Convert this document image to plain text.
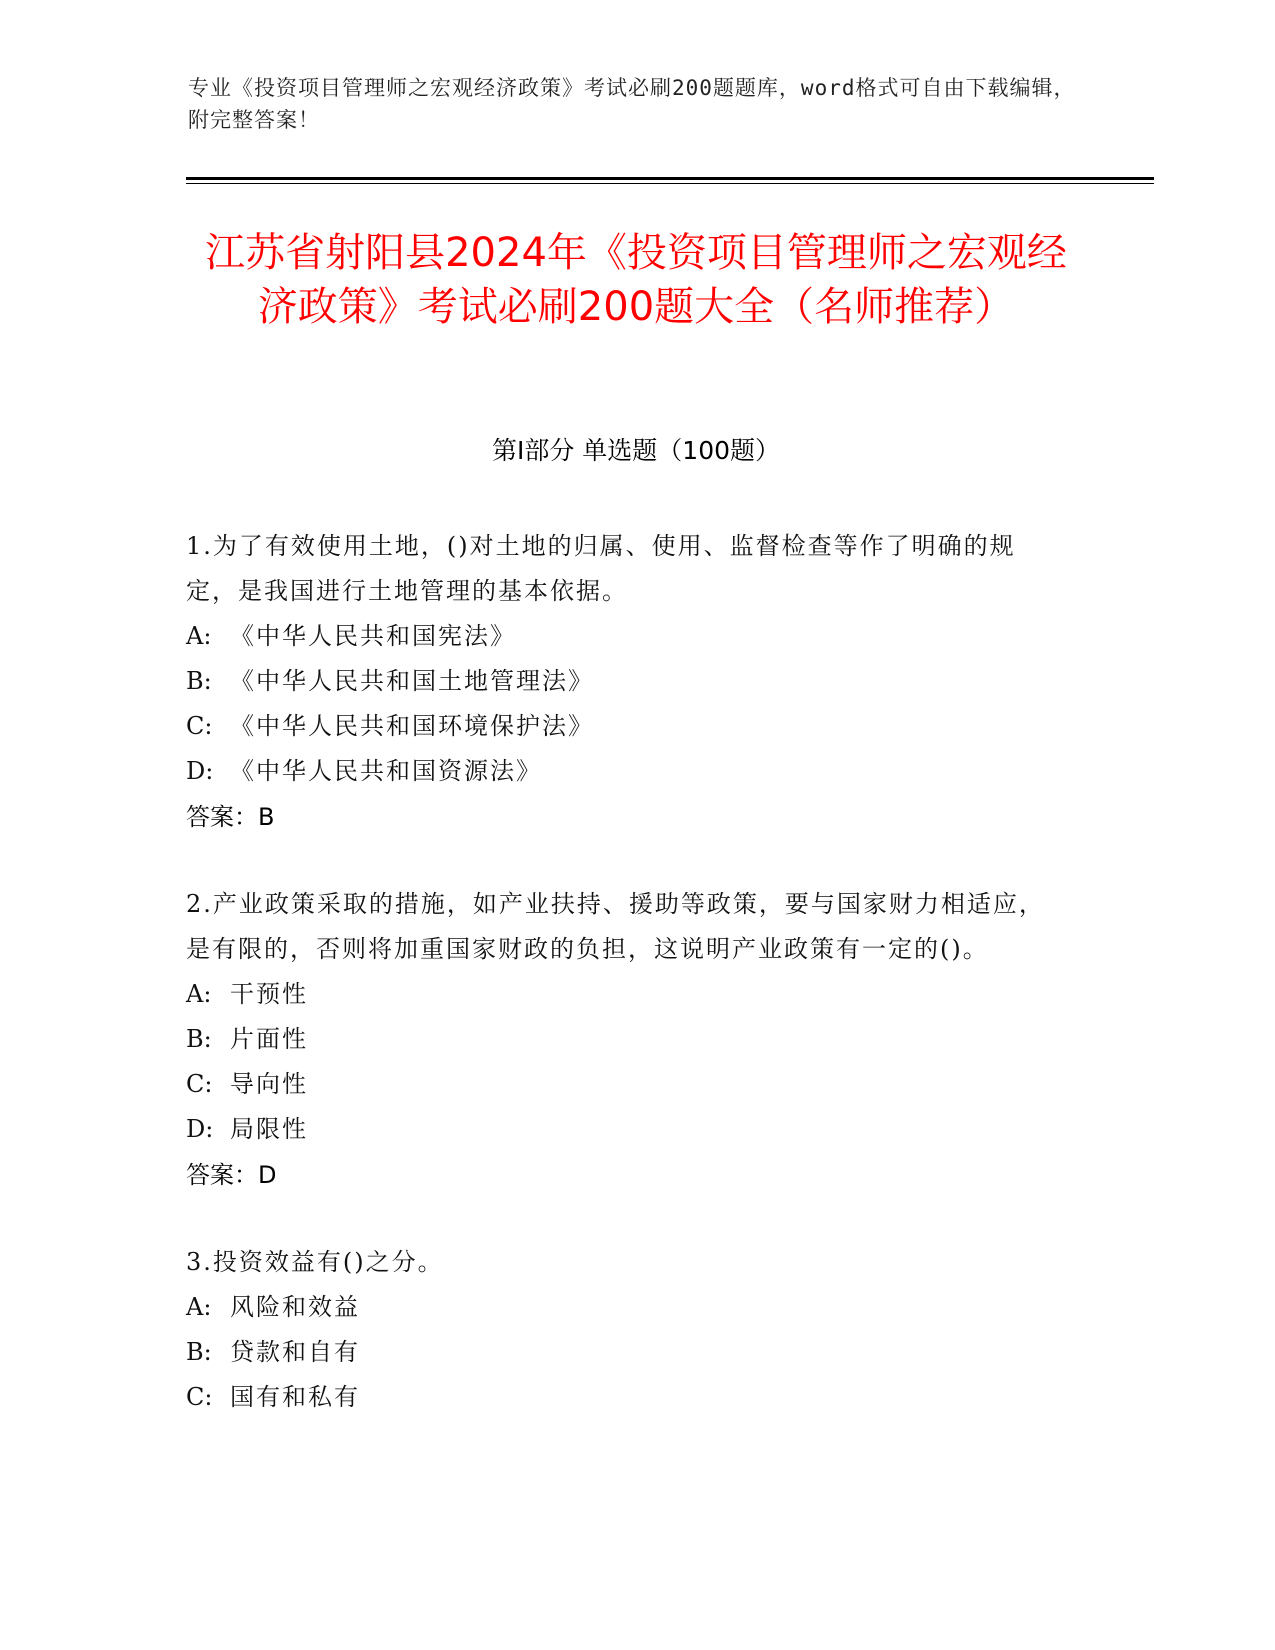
专业《投资项目管理师之宏观经济政策》考试必刷200题题库，word格式可自由下载编辑，附完整答案！
江苏省射阳县2024年《投资项目管理师之宏观经济政策》考试必刷200题大全（名师推荐）
第I部分 单选题（100题）
1.为了有效使用土地，()对土地的归属、使用、监督检查等作了明确的规定，是我国进行土地管理的基本依据。
A: 《中华人民共和国宪法》
B: 《中华人民共和国土地管理法》
C: 《中华人民共和国环境保护法》
D: 《中华人民共和国资源法》
答案：B
2.产业政策采取的措施，如产业扶持、援助等政策，要与国家财力相适应，是有限的，否则将加重国家财政的负担，这说明产业政策有一定的()。
A: 干预性
B: 片面性
C: 导向性
D: 局限性
答案：D
3.投资效益有()之分。
A: 风险和效益
B: 贷款和自有
C: 国有和私有
